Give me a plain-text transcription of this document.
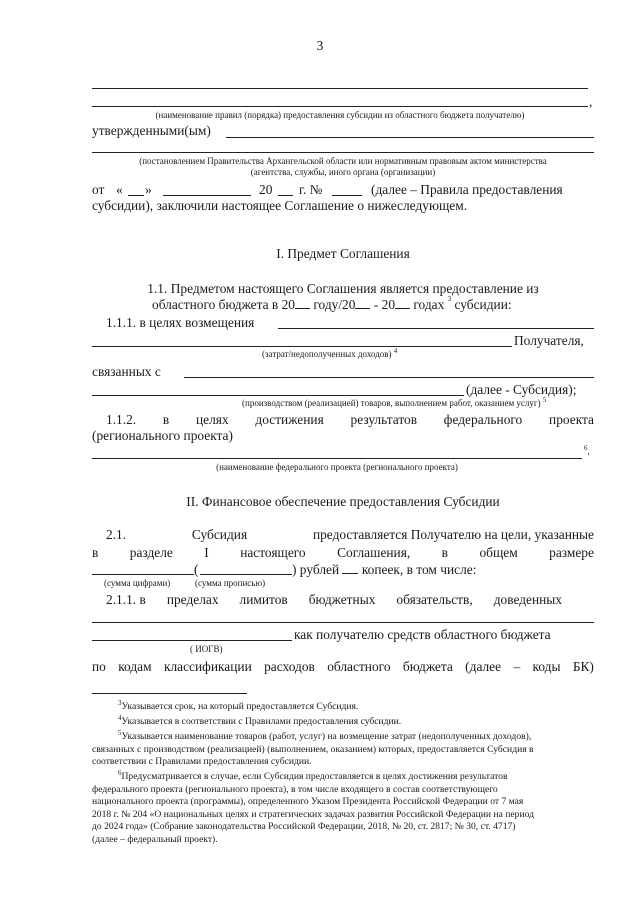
3
,
(наименование правил (порядка) предоставления субсидии из областного бюджета получателю)
утвержденными(ым)
(постановлением Правительства Архангельской области или нормативным правовым актом министерства
(агентства, службы, иного органа (организации)
от « »	20 г. №	(далее – Правила предоставления
субсидии), заключили настоящее Соглашение о нижеследующем.
I. Предмет Соглашения
1.1. Предметом настоящего Соглашения является предоставление из
областного бюджета в 20 году/20 - 20 годах $^3$ субсидии:
1.1.1. в целях возмещения
Получателя,
(затрат/недополученных доходов) $^4$
связанных с
(далее - Субсидия);
(производством (реализацией) товаров, выполнением работ, оказанием услуг) $^5$
1.1.2. в целях достижения результатов федерального проекта
(регионального проекта)
$^6$,
(наименование федерального проекта (регионального проекта)
II. Финансовое обеспечение предоставления Субсидии
2.1.	Субсидия	предоставляется Получателю на цели, указанные
в разделе I настоящего Соглашения, в общем размере
(	) рублей копеек, в том числе:
(сумма цифрами)	(сумма прописью)
2.1.1. в пределах лимитов бюджетных обязательств, доведенных
как получателю средств областного бюджета
( ИОГВ)
по кодам классификации расходов областного бюджета (далее – коды БК)
$^3$Указывается срок, на который предоставляется Субсидия.
$^4$Указывается в соответствии с Правилами предоставления субсидии.
$^5$Указывается наименование товаров (работ, услуг) на возмещение затрат (недополученных доходов),
связанных с производством (реализацией) (выполнением, оказанием) которых, предоставляется Субсидия в
соответствии с Правилами предоставления субсидии.
$^6$Предусматривается в случае, если Субсидия предоставляется в целях достижения результатов
федерального проекта (регионального проекта), в том числе входящего в состав соответствующего
национального проекта (программы), определенного Указом Президента Российской Федерации от 7 мая
2018 г. № 204 «О национальных целях и стратегических задачах развития Российской Федерации на период
до 2024 года» (Собрание законодательства Российской Федерации, 2018, № 20, ст. 2817; № 30, ст. 4717)
(далее – федеральный проект).
